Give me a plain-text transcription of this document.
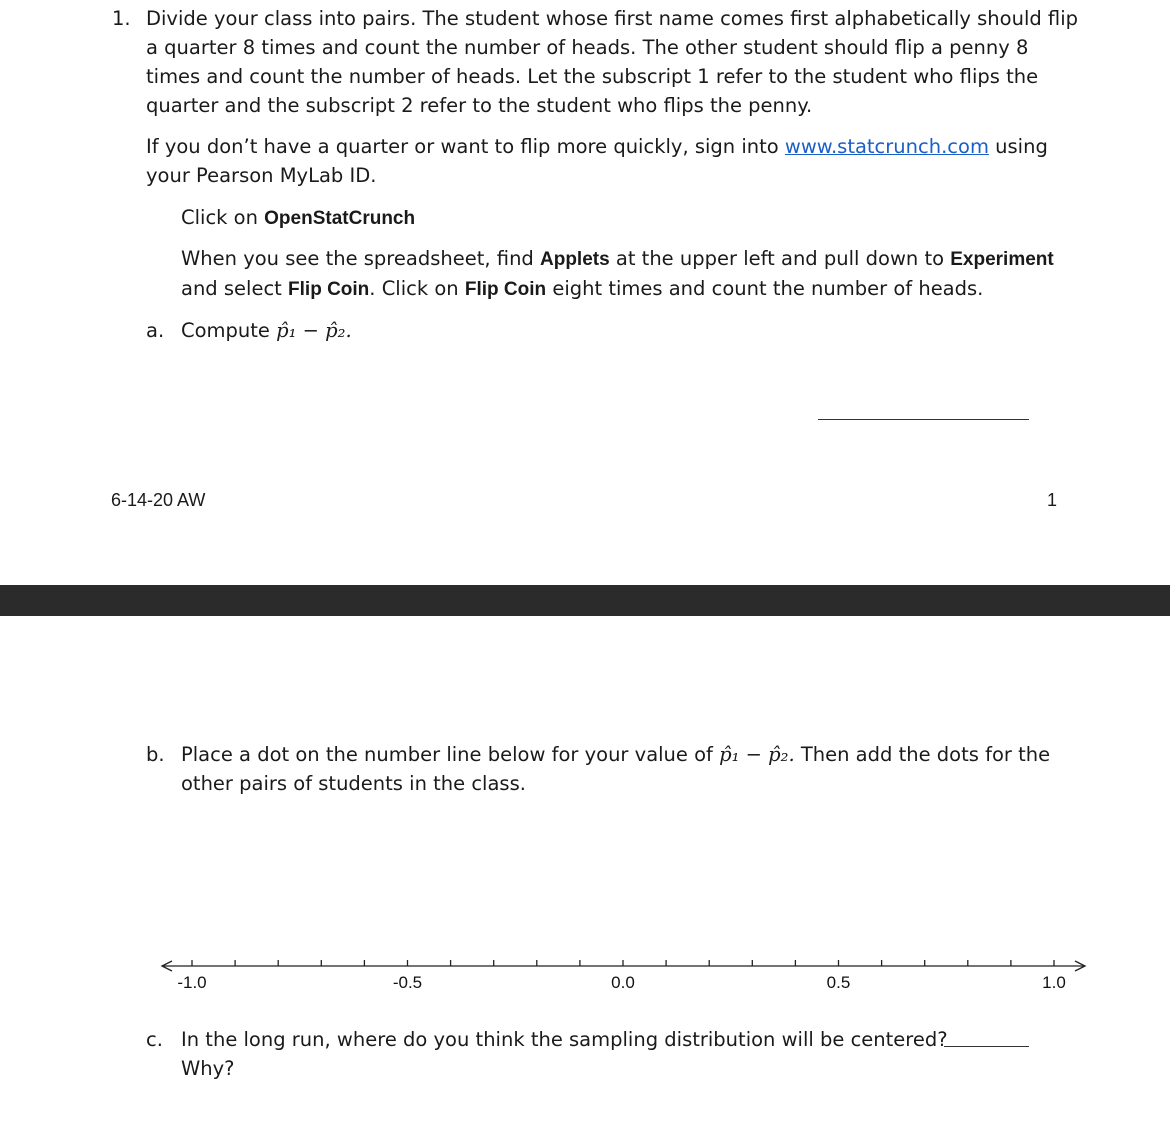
1. Divide your class into pairs. The student whose first name comes first alphabetically should flip
a quarter 8 times and count the number of heads. The other student should flip a penny 8
times and count the number of heads. Let the subscript 1 refer to the student who flips the
quarter and the subscript 2 refer to the student who flips the penny.
If you don’t have a quarter or want to flip more quickly, sign into www.statcrunch.com using
your Pearson MyLab ID.
Click on OpenStatCrunch
When you see the spreadsheet, find Applets at the upper left and pull down to Experiment
and select Flip Coin. Click on Flip Coin eight times and count the number of heads.
a. Compute p̂₁ − p̂₂.
6-14-20 AW	1
b. Place a dot on the number line below for your value of p̂₁ − p̂₂. Then add the dots for the
other pairs of students in the class.
-1.0	-0.5	0.0	0.5	1.0
c. In the long run, where do you think the sampling distribution will be centered?
Why?
